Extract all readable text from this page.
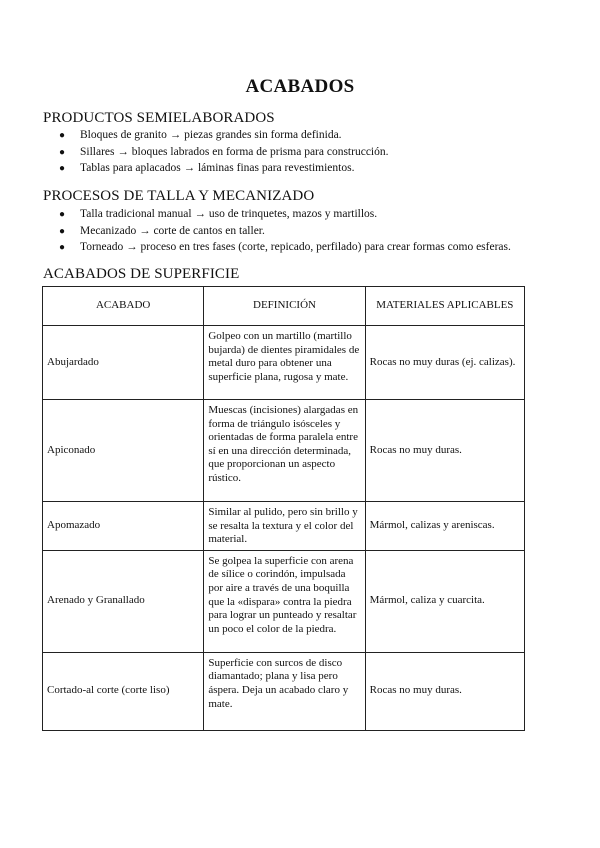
ACABADOS
PRODUCTOS SEMIELABORADOS
● Bloques de granito → piezas grandes sin forma definida.
● Sillares → bloques labrados en forma de prisma para construcción.
● Tablas para aplacados → láminas finas para revestimientos.
PROCESOS DE TALLA Y MECANIZADO
● Talla tradicional manual → uso de trinquetes, mazos y martillos.
● Mecanizado → corte de cantos en taller.
● Torneado → proceso en tres fases (corte, repicado, perfilado) para crear formas como esferas.
ACABADOS DE SUPERFICIE
ACABADO	DEFINICIÓN	MATERIALES APLICABLES
Abujardado	Golpeo con un martillo (martillo bujarda) de dientes piramidales de metal duro para obtener una superficie plana, rugosa y mate.	Rocas no muy duras (ej. calizas).
Apiconado	Muescas (incisiones) alargadas en forma de triángulo isósceles y orientadas de forma paralela entre sí en una dirección determinada, que proporcionan un aspecto rústico.	Rocas no muy duras.
Apomazado	Similar al pulido, pero sin brillo y se resalta la textura y el color del material.	Mármol, calizas y areniscas.
Arenado y Granallado	Se golpea la superficie con arena de sílice o corindón, impulsada por aire a través de una boquilla que la «dispara» contra la piedra para lograr un punteado y resaltar un poco el color de la piedra.	Mármol, caliza y cuarcita.
Cortado-al corte (corte liso)	Superficie con surcos de disco diamantado; plana y lisa pero áspera. Deja un acabado claro y mate.	Rocas no muy duras.
